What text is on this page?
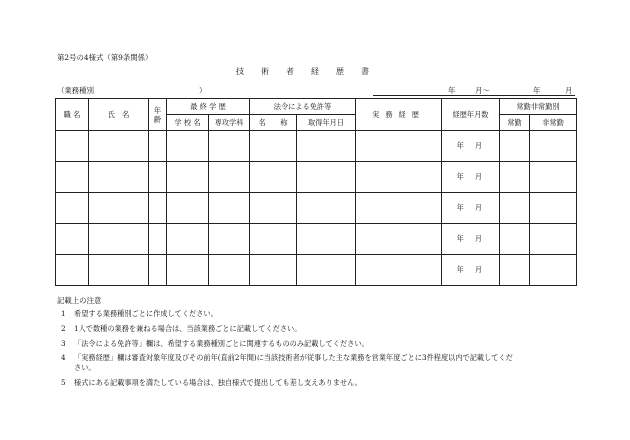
第2号の4様式（第9条関係）
技術者経歴書
（業務種別	）	年	月〜	年	月
職 名	氏　名	年齢	最 終 学 歴		法令による免許等		実務経歴	経歴年月数	常勤非常勤別	
			学 校 名	専攻学科	名　　称	取得年月日			常勤	非常勤
								年月		
								年月		
								年月		
								年月		
								年月		
記載上の注意
1 希望する業務種別ごとに作成してください。
2 1人で数種の業務を兼ねる場合は、当該業務ごとに記載してください。
3 「法令による免許等」欄は、希望する業務種別ごとに関連するもののみ記載してください。
4 「実務経歴」欄は審査対象年度及びその前年(直前2年間)に当該技術者が従事した主な業務を営業年度ごとに3件程度以内で記載してくだ
さい。
5 様式にある記載事項を満たしている場合は、独自様式で提出しても差し支えありません。
